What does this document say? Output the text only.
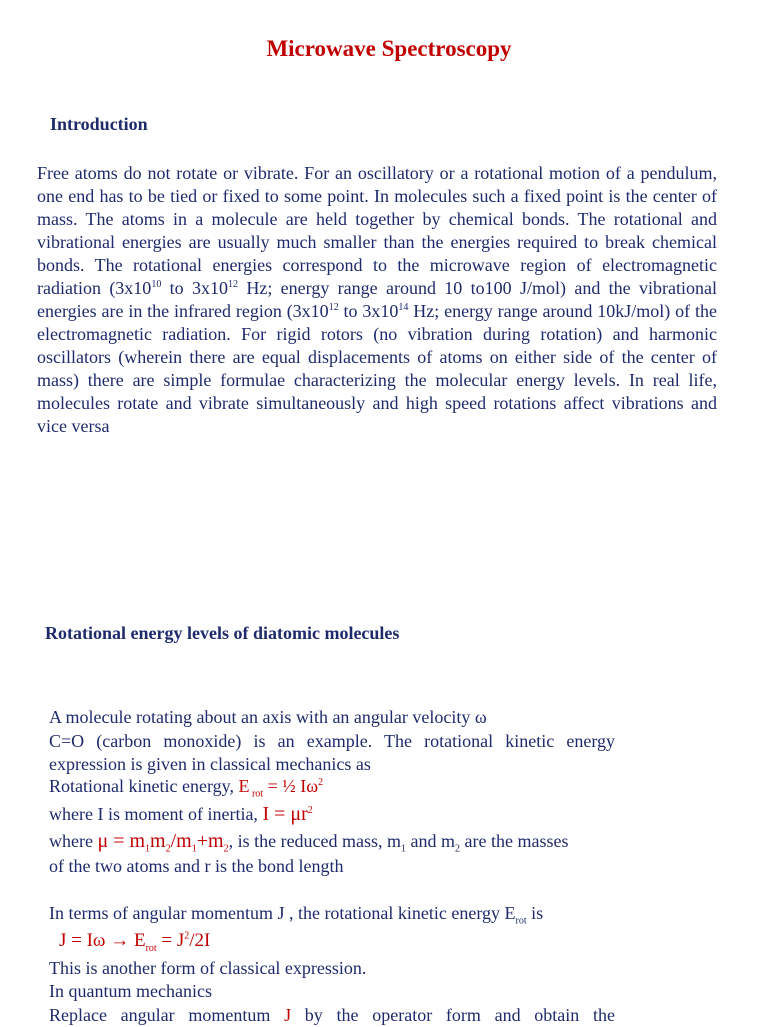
Microwave Spectroscopy
Introduction
Free atoms do not rotate or vibrate. For an oscillatory or a rotational motion of a pendulum, one end has to be tied or fixed to some point. In molecules such a fixed point is the center of mass. The atoms in a molecule are held together by chemical bonds. The rotational and vibrational energies are usually much smaller than the energies required to break chemical bonds. The rotational energies correspond to the microwave region of electromagnetic radiation ($3x10^{10}$ to $3x10^{12}$ Hz; energy range around 10 to100 J/mol) and the vibrational energies are in the infrared region ($3x10^{12}$ to $3x10^{14}$ Hz; energy range around 10kJ/mol) of the electromagnetic radiation. For rigid rotors (no vibration during rotation) and harmonic oscillators (wherein there are equal displacements of atoms on either side of the center of mass) there are simple formulae characterizing the molecular energy levels. In real life, molecules rotate and vibrate simultaneously and high speed rotations affect vibrations and vice versa
Rotational energy levels of diatomic molecules
A molecule rotating about an axis with an angular velocity ω
C=O (carbon monoxide) is an example. The rotational kinetic energy expression is given in classical mechanics as
Rotational kinetic energy, E $_{rot}$ = ½ $I\omega^2$
where I is moment of inertia, $I = \mu r^2$
where $\mu = m_1m_2/m_1+m_2$, is the reduced mass, $m_1$ and $m_2$ are the masses
of the two atoms and r is the bond length
In terms of angular momentum J , the rotational kinetic energy $E_{rot}$ is
$J = I\omega \to E_{rot} = J^2/2I$
This is another form of classical expression.
In quantum mechanics
Replace angular momentum J by the operator form and obtain the
